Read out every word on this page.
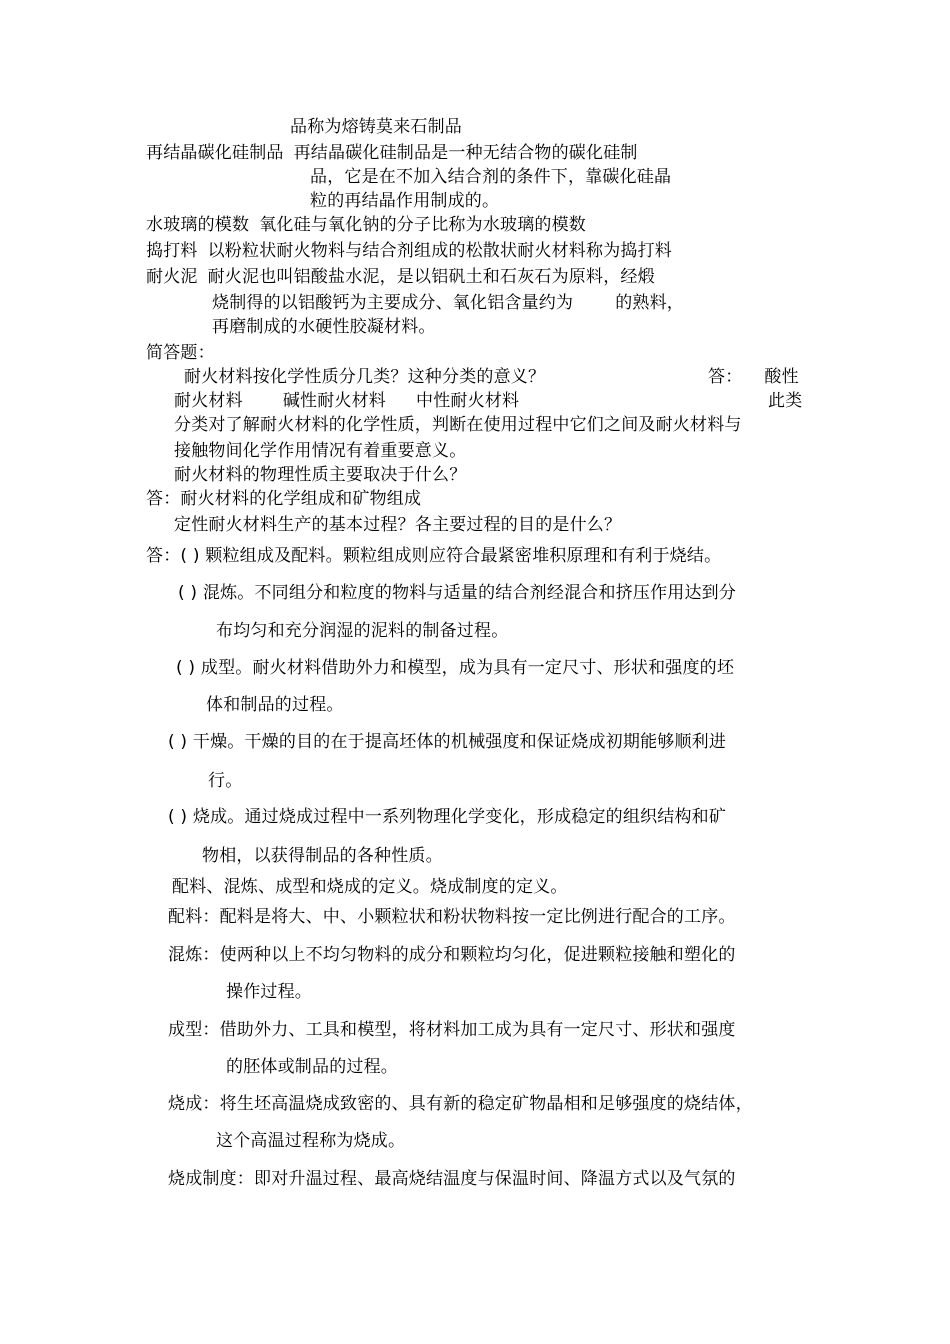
品称为熔铸莫来石制品
再结晶碳化硅制品 再结晶碳化硅制品是一种无结合物的碳化硅制
品，它是在不加入结合剂的条件下，靠碳化硅晶
粒的再结晶作用制成的。
水玻璃的模数 氧化硅与氧化钠的分子比称为水玻璃的模数
捣打料 以粉粒状耐火物料与结合剂组成的松散状耐火材料称为捣打料
耐火泥 耐火泥也叫铝酸盐水泥，是以铝矾土和石灰石为原料，经煅
烧制得的以铝酸钙为主要成分、氧化铝含量约为 的熟料，
再磨制成的水硬性胶凝材料。
简答题：
耐火材料按化学性质分几类？这种分类的意义？	答： 酸性
耐火材料 碱性耐火材料 中性耐火材料	此类
分类对了解耐火材料的化学性质，判断在使用过程中它们之间及耐火材料与
接触物间化学作用情况有着重要意义。
耐火材料的物理性质主要取决于什么？
答：耐火材料的化学组成和矿物组成
定性耐火材料生产的基本过程？各主要过程的目的是什么？
答：( ) 颗粒组成及配料。颗粒组成则应符合最紧密堆积原理和有利于烧结。
( ) 混炼。不同组分和粒度的物料与适量的结合剂经混合和挤压作用达到分
布均匀和充分润湿的泥料的制备过程。
( ) 成型。耐火材料借助外力和模型，成为具有一定尺寸、形状和强度的坯
体和制品的过程。
( ) 干燥。干燥的目的在于提高坯体的机械强度和保证烧成初期能够顺利进
行。
( ) 烧成。通过烧成过程中一系列物理化学变化，形成稳定的组织结构和矿
物相，以获得制品的各种性质。
配料、混炼、成型和烧成的定义。烧成制度的定义。
配料：配料是将大、中、小颗粒状和粉状物料按一定比例进行配合的工序。
混炼：使两种以上不均匀物料的成分和颗粒均匀化，促进颗粒接触和塑化的
操作过程。
成型：借助外力、工具和模型，将材料加工成为具有一定尺寸、形状和强度
的胚体或制品的过程。
烧成：将生坯高温烧成致密的、具有新的稳定矿物晶相和足够强度的烧结体，
这个高温过程称为烧成。
烧成制度：即对升温过程、最高烧结温度与保温时间、降温方式以及气氛的
